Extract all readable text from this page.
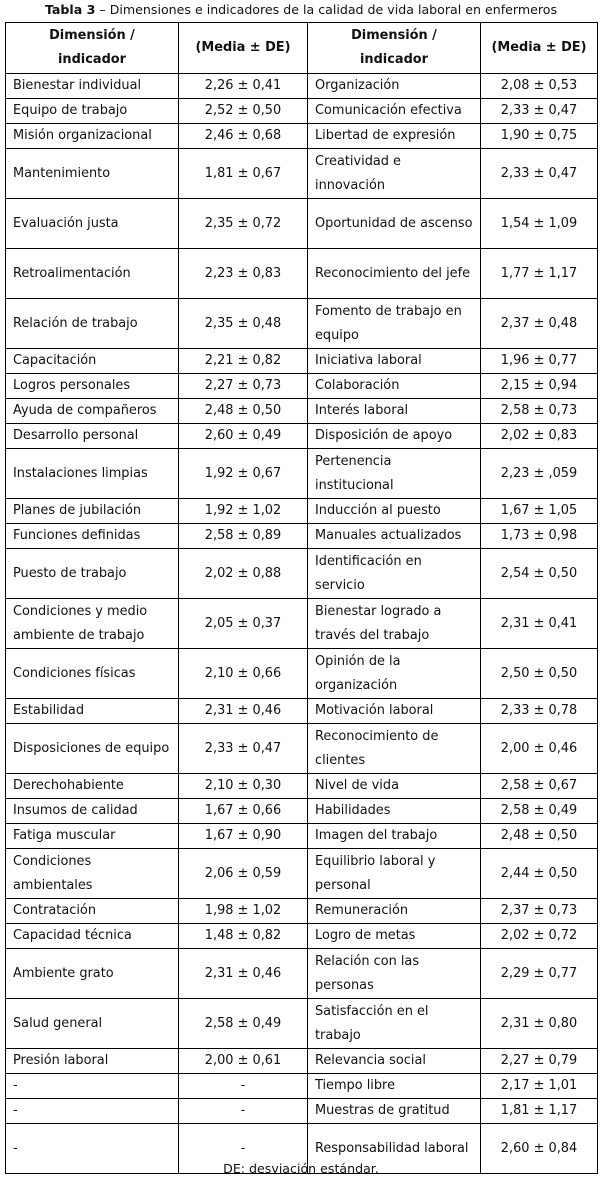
Tabla 3 – Dimensiones e indicadores de la calidad de vida laboral en enfermeros
Dimensión / indicador	(Media ± DE)	Dimensión / indicador	(Media ± DE)
Bienestar individual	2,26 ± 0,41	Organización	2,08 ± 0,53
Equipo de trabajo	2,52 ± 0,50	Comunicación efectiva	2,33 ± 0,47
Misión organizacional	2,46 ± 0,68	Libertad de expresión	1,90 ± 0,75
Mantenimiento	1,81 ± 0,67	Creatividad e innovación	2,33 ± 0,47
Evaluación justa	2,35 ± 0,72	Oportunidad de ascenso	1,54 ± 1,09
Retroalimentación	2,23 ± 0,83	Reconocimiento del jefe	1,77 ± 1,17
Relación de trabajo	2,35 ± 0,48	Fomento de trabajo en equipo	2,37 ± 0,48
Capacitación	2,21 ± 0,82	Iniciativa laboral	1,96 ± 0,77
Logros personales	2,27 ± 0,73	Colaboración	2,15 ± 0,94
Ayuda de compañeros	2,48 ± 0,50	Interés laboral	2,58 ± 0,73
Desarrollo personal	2,60 ± 0,49	Disposición de apoyo	2,02 ± 0,83
Instalaciones limpias	1,92 ± 0,67	Pertenencia institucional	2,23 ± ,059
Planes de jubilación	1,92 ± 1,02	Inducción al puesto	1,67 ± 1,05
Funciones definidas	2,58 ± 0,89	Manuales actualizados	1,73 ± 0,98
Puesto de trabajo	2,02 ± 0,88	Identificación en servicio	2,54 ± 0,50
Condiciones y medio ambiente de trabajo	2,05 ± 0,37	Bienestar logrado a través del trabajo	2,31 ± 0,41
Condiciones físicas	2,10 ± 0,66	Opinión de la organización	2,50 ± 0,50
Estabilidad	2,31 ± 0,46	Motivación laboral	2,33 ± 0,78
Disposiciones de equipo	2,33 ± 0,47	Reconocimiento de clientes	2,00 ± 0,46
Derechohabiente	2,10 ± 0,30	Nivel de vida	2,58 ± 0,67
Insumos de calidad	1,67 ± 0,66	Habilidades	2,58 ± 0,49
Fatiga muscular	1,67 ± 0,90	Imagen del trabajo	2,48 ± 0,50
Condiciones ambientales	2,06 ± 0,59	Equilibrio laboral y personal	2,44 ± 0,50
Contratación	1,98 ± 1,02	Remuneración	2,37 ± 0,73
Capacidad técnica	1,48 ± 0,82	Logro de metas	2,02 ± 0,72
Ambiente grato	2,31 ± 0,46	Relación con las personas	2,29 ± 0,77
Salud general	2,58 ± 0,49	Satisfacción en el trabajo	2,31 ± 0,80
Presión laboral	2,00 ± 0,61	Relevancia social	2,27 ± 0,79
-	-	Tiempo libre	2,17 ± 1,01
-	-	Muestras de gratitud	1,81 ± 1,17
-	-	Responsabilidad laboral	2,60 ± 0,84
DE: desviación estándar.
